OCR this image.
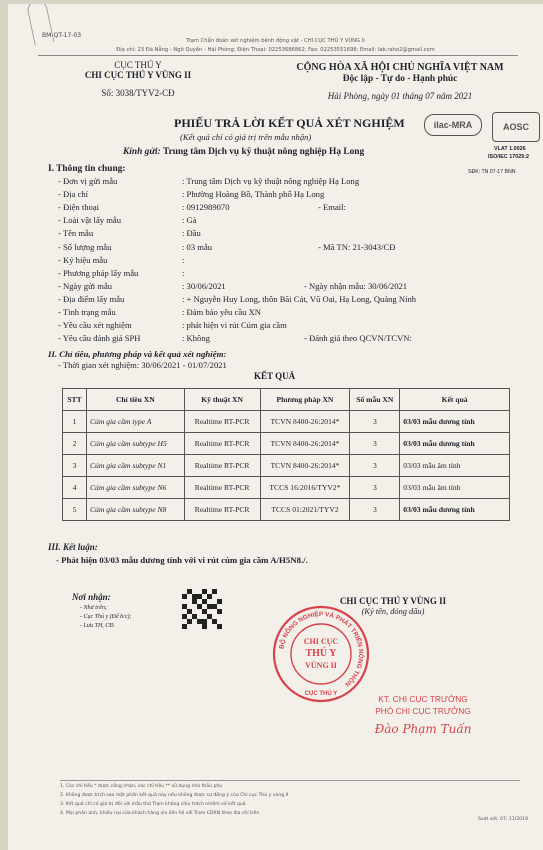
BM-QT-17-03
Trạm Chẩn đoán xét nghiệm bệnh động vật - CHI CỤC THÚ Y VÙNG II
Địa chỉ: 23 Đà Nẵng - Ngô Quyền - Hải Phòng; Điện Thoại: 02253686862; Fax: 02253551698; Email: lab.raho2@gmail.com
CỤC THÚ Y
CHI CỤC THÚ Y VÙNG II
Số: 3038/TYV2-CĐ
CỘNG HÒA XÃ HỘI CHỦ NGHĨA VIỆT NAM
Độc lập - Tự do - Hạnh phúc
Hải Phòng, ngày 01 tháng 07 năm 2021
ilac-MRA	AOSC
VLAT 1.0026
ISO/IEC 17025:2
SĐK: TN 07-17 BNN
PHIẾU TRẢ LỜI KẾT QUẢ XÉT NGHIỆM
(Kết quả chỉ có giá trị trên mẫu nhận)
Kính gửi: Trung tâm Dịch vụ kỹ thuật nông nghiệp Hạ Long
I. Thông tin chung:
- Đơn vị gửi mẫu	: Trung tâm Dịch vụ kỹ thuật nông nghiệp Hạ Long
- Địa chỉ	: Phường Hoàng Bồ, Thành phố Hạ Long
- Điện thoại	: 0912989070	- Email:
- Loài vật lấy mẫu	: Gà
- Tên mẫu	: Đầu
- Số lượng mẫu	: 03 mẫu	- Mã TN: 21-3043/CĐ
- Ký hiệu mẫu	:
- Phương pháp lấy mẫu	:
- Ngày gửi mẫu	: 30/06/2021	- Ngày nhận mẫu: 30/06/2021
- Địa điểm lấy mẫu	: + Nguyễn Huy Long, thôn Bãi Cát, Vũ Oai, Hạ Long, Quảng Ninh
- Tình trạng mẫu	: Đảm bảo yêu cầu XN
- Yêu cầu xét nghiệm	: phát hiện vi rút Cúm gia cầm
- Yêu cầu đánh giá SPH	: Không	- Đánh giá theo QCVN/TCVN:
II. Chỉ tiêu, phương pháp và kết quả xét nghiệm:
- Thời gian xét nghiệm: 30/06/2021 - 01/07/2021
KẾT QUẢ
STT	Chỉ tiêu XN	Kỹ thuật XN	Phương pháp XN	Số mẫu XN	Kết quả
1	Cúm gia cầm type A	Realtime RT-PCR	TCVN 8400-26:2014*	3	03/03 mẫu dương tính
2	Cúm gia cầm subtype H5	Realtime RT-PCR	TCVN 8400-26:2014*	3	03/03 mẫu dương tính
3	Cúm gia cầm subtype N1	Realtime RT-PCR	TCVN 8400-26:2014*	3	03/03 mẫu âm tính
4	Cúm gia cầm subtype N6	Realtime RT-PCR	TCCS 16:2016/TYV2*	3	03/03 mẫu âm tính
5	Cúm gia cầm subtype N8	Realtime RT-PCR	TCCS 01:2021/TYV2	3	03/03 mẫu dương tính
III. Kết luận:
- Phát hiện 03/03 mẫu dương tính với vi rút cúm gia cầm A/H5N8./.
Nơi nhận:
- Như trên;
- Cục Thú y (Để b/c);
- Lưu TH, CĐ.
CHI CỤC THÚ Y VÙNG II
(Ký tên, đóng dấu)
BỘ NÔNG NGHIỆP VÀ PHÁT TRIỂN NÔNG THÔN
CHI CỤC
THÚ Y
VÙNG II
CỤC THÚ Y	KT. CHI CỤC TRƯỞNG
PHÓ CHI CỤC TRƯỞNG
Đào Phạm Tuấn
1. Các chỉ tiêu * được công nhận, các chỉ tiêu ** sử dụng nhà thầu phụ
2. Không được trích sao một phần kết quả này nếu không được sự đồng ý của Chi cục Thú y vùng II
3. Kết quả chỉ có giá trị đối với mẫu thử Trạm không chịu trách nhiệm về kết quả
4. Mọi phản ánh, khiếu nại của khách hàng xin liên hệ với Trạm CĐXN theo địa chỉ trên
Soát xét: 07; 11/2019
